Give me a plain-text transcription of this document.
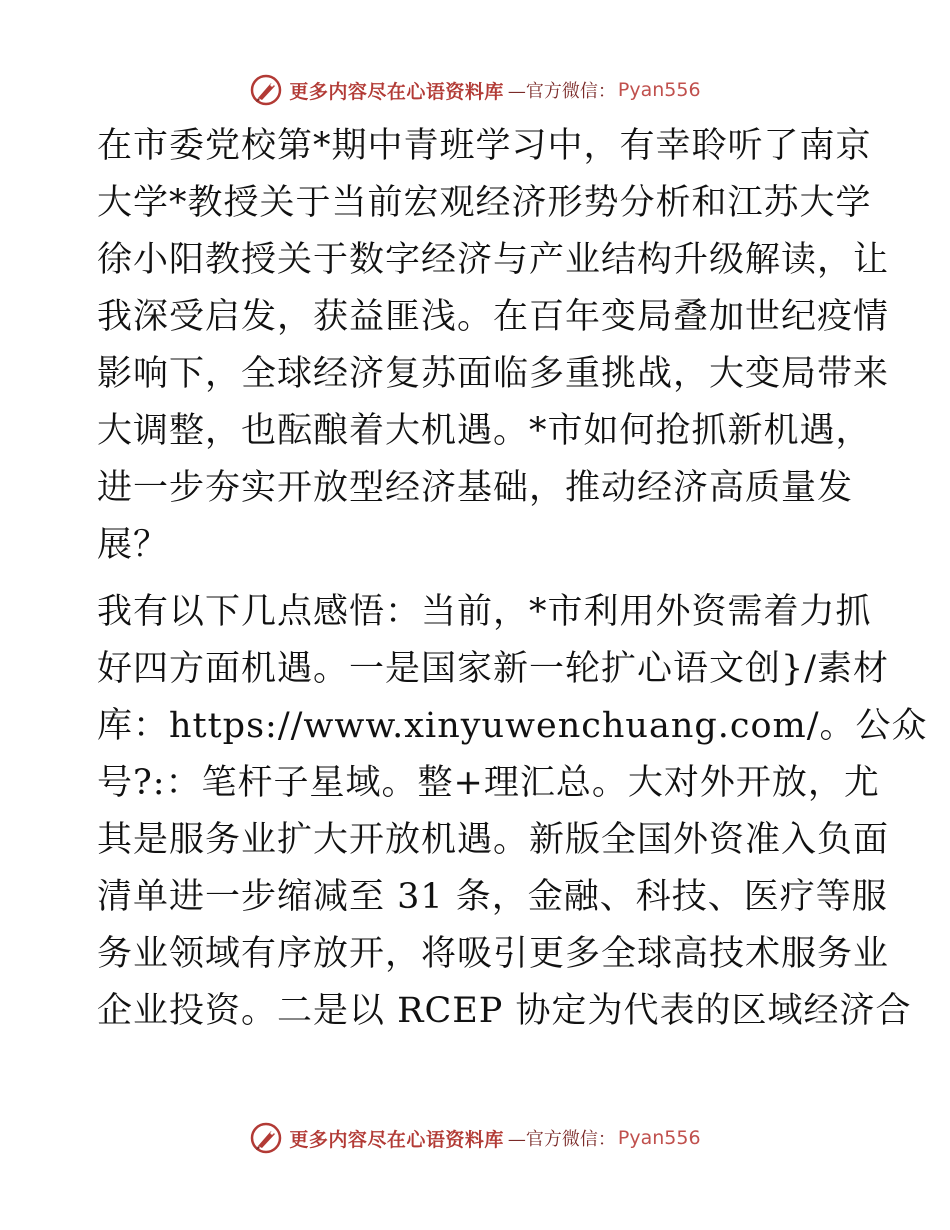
更多内容尽在心语资料库 —官方微信： Pyan556
在市委党校第*期中青班学习中，有幸聆听了南京
大学*教授关于当前宏观经济形势分析和江苏大学
徐小阳教授关于数字经济与产业结构升级解读，让
我深受启发，获益匪浅。在百年变局叠加世纪疫情
影响下，全球经济复苏面临多重挑战，大变局带来
大调整，也酝酿着大机遇。*市如何抢抓新机遇，
进一步夯实开放型经济基础，推动经济高质量发
展？
我有以下几点感悟：当前，*市利用外资需着力抓
好四方面机遇。一是国家新一轮扩心语文创}/素材
库：https://www.xinyuwenchuang.com/。公众
号?:：笔杆子星域。整+理汇总。大对外开放，尤
其是服务业扩大开放机遇。新版全国外资准入负面
清单进一步缩减至 31 条，金融、科技、医疗等服
务业领域有序放开，将吸引更多全球高技术服务业
企业投资。二是以 RCEP 协定为代表的区域经济合
更多内容尽在心语资料库 —官方微信： Pyan556
